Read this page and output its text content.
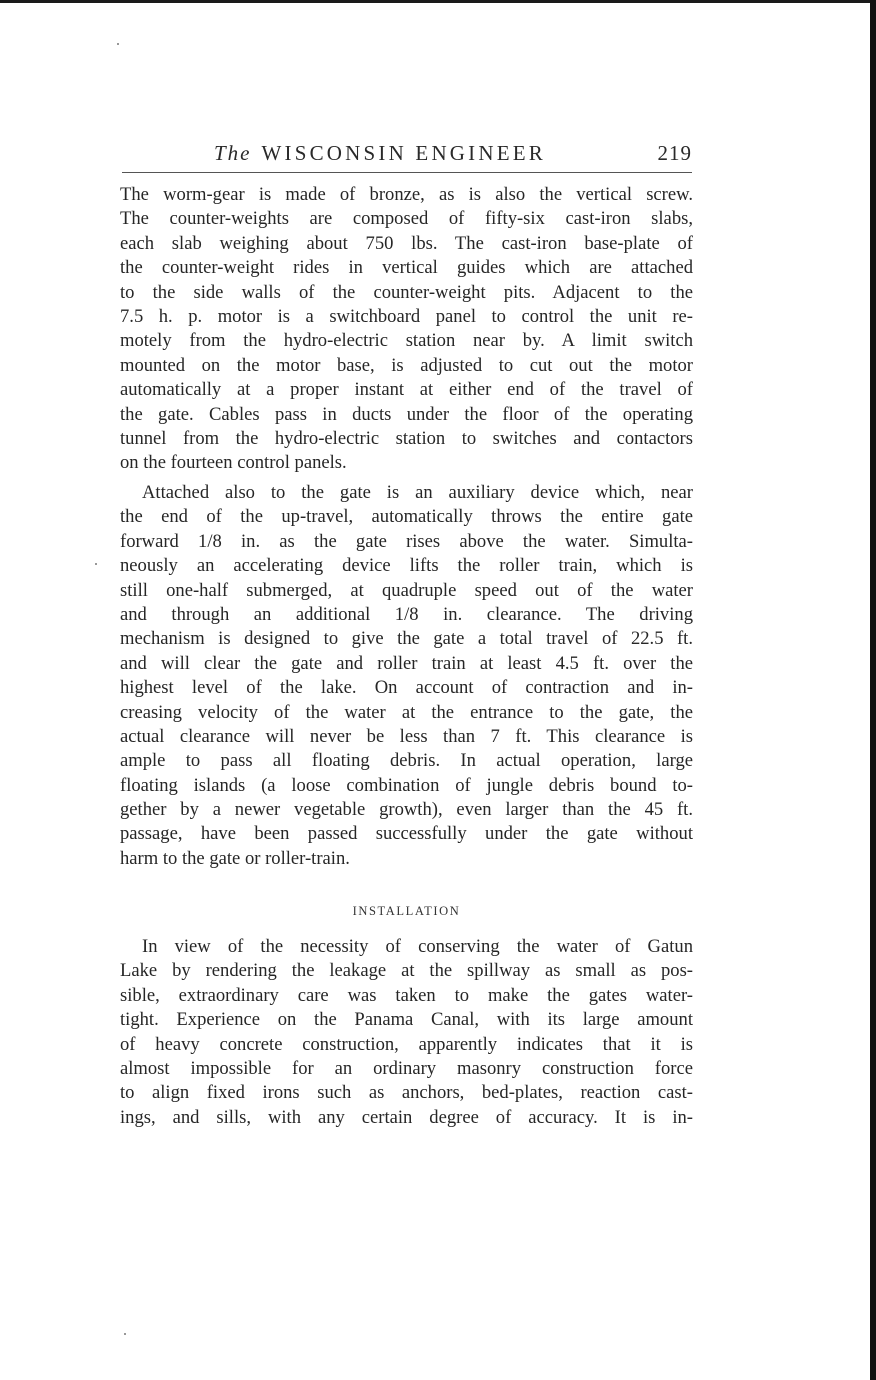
The WISCONSIN ENGINEER	219
The worm-gear is made of bronze, as is also the vertical screw.
The counter-weights are composed of fifty-six cast-iron slabs,
each slab weighing about 750 lbs. The cast-iron base-plate of
the counter-weight rides in vertical guides which are attached
to the side walls of the counter-weight pits. Adjacent to the
7.5 h. p. motor is a switchboard panel to control the unit re-
motely from the hydro-electric station near by. A limit switch
mounted on the motor base, is adjusted to cut out the motor
automatically at a proper instant at either end of the travel of
the gate. Cables pass in ducts under the floor of the operating
tunnel from the hydro-electric station to switches and contactors
on the fourteen control panels.
Attached also to the gate is an auxiliary device which, near
the end of the up-travel, automatically throws the entire gate
forward 1/8 in. as the gate rises above the water. Simulta-
neously an accelerating device lifts the roller train, which is
still one-half submerged, at quadruple speed out of the water
and through an additional 1/8 in. clearance. The driving
mechanism is designed to give the gate a total travel of 22.5 ft.
and will clear the gate and roller train at least 4.5 ft. over the
highest level of the lake. On account of contraction and in-
creasing velocity of the water at the entrance to the gate, the
actual clearance will never be less than 7 ft. This clearance is
ample to pass all floating debris. In actual operation, large
floating islands (a loose combination of jungle debris bound to-
gether by a newer vegetable growth), even larger than the 45 ft.
passage, have been passed successfully under the gate without
harm to the gate or roller-train.
INSTALLATION
In view of the necessity of conserving the water of Gatun
Lake by rendering the leakage at the spillway as small as pos-
sible, extraordinary care was taken to make the gates water-
tight. Experience on the Panama Canal, with its large amount
of heavy concrete construction, apparently indicates that it is
almost impossible for an ordinary masonry construction force
to align fixed irons such as anchors, bed-plates, reaction cast-
ings, and sills, with any certain degree of accuracy. It is in-
